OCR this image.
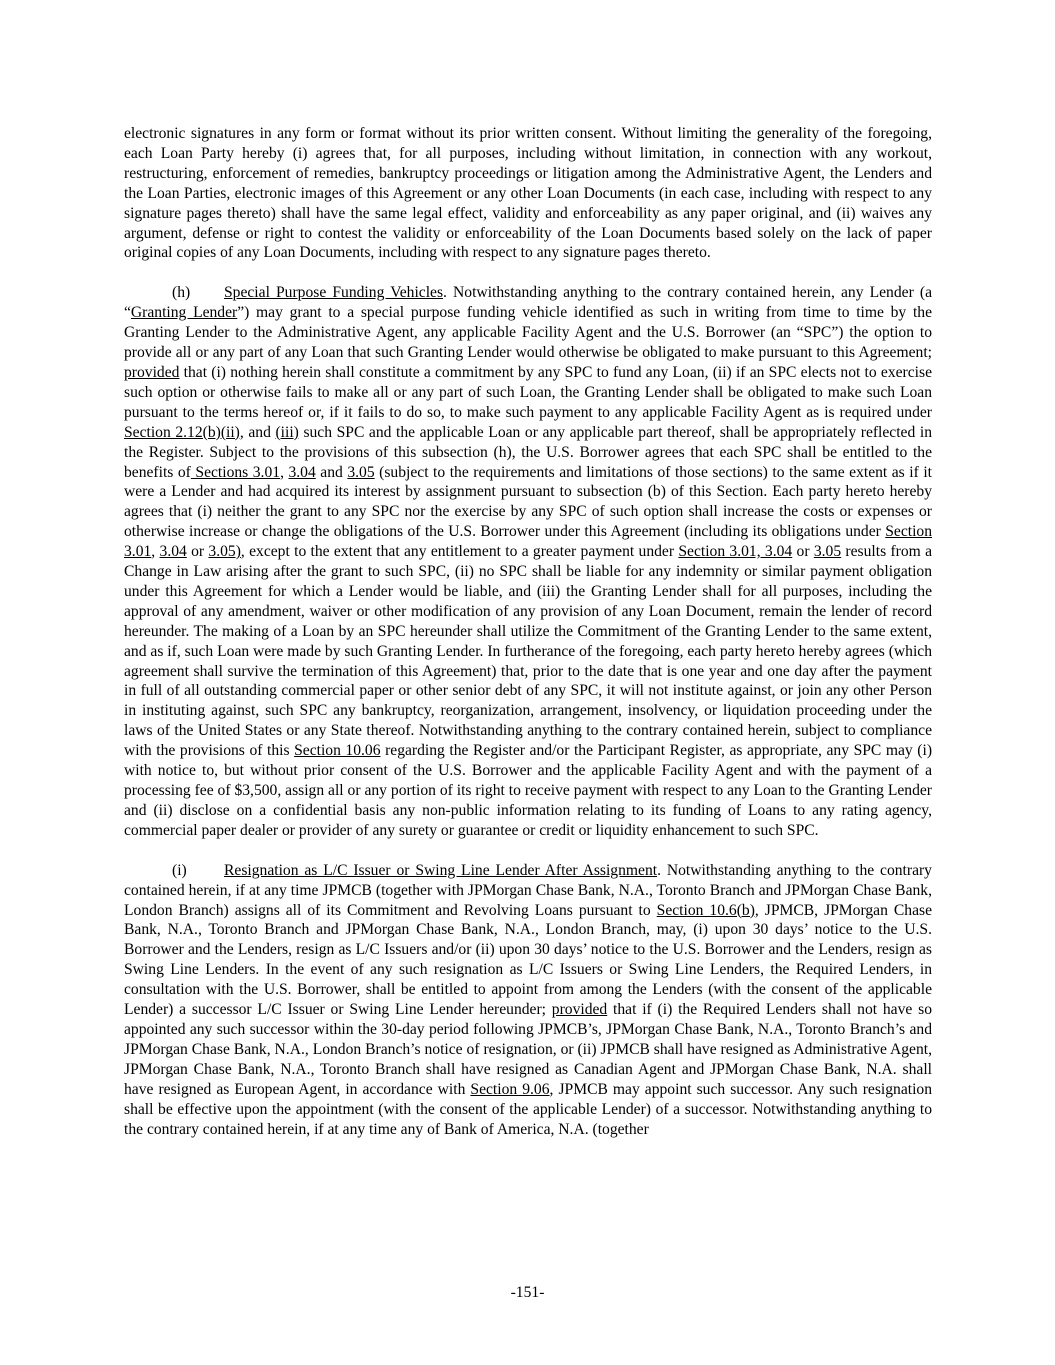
electronic signatures in any form or format without its prior written consent. Without limiting the generality of the foregoing, each Loan Party hereby (i) agrees that, for all purposes, including without limitation, in connection with any workout, restructuring, enforcement of remedies, bankruptcy proceedings or litigation among the Administrative Agent, the Lenders and the Loan Parties, electronic images of this Agreement or any other Loan Documents (in each case, including with respect to any signature pages thereto) shall have the same legal effect, validity and enforceability as any paper original, and (ii) waives any argument, defense or right to contest the validity or enforceability of the Loan Documents based solely on the lack of paper original copies of any Loan Documents, including with respect to any signature pages thereto.

(h) Special Purpose Funding Vehicles. Notwithstanding anything to the contrary contained herein, any Lender (a “Granting Lender”) may grant to a special purpose funding vehicle identified as such in writing from time to time by the Granting Lender to the Administrative Agent, any applicable Facility Agent and the U.S. Borrower (an “SPC”) the option to provide all or any part of any Loan that such Granting Lender would otherwise be obligated to make pursuant to this Agreement; provided that (i) nothing herein shall constitute a commitment by any SPC to fund any Loan, (ii) if an SPC elects not to exercise such option or otherwise fails to make all or any part of such Loan, the Granting Lender shall be obligated to make such Loan pursuant to the terms hereof or, if it fails to do so, to make such payment to any applicable Facility Agent as is required under Section 2.12(b)(ii), and (iii) such SPC and the applicable Loan or any applicable part thereof, shall be appropriately reflected in the Register. Subject to the provisions of this subsection (h), the U.S. Borrower agrees that each SPC shall be entitled to the benefits of Sections 3.01, 3.04 and 3.05 (subject to the requirements and limitations of those sections) to the same extent as if it were a Lender and had acquired its interest by assignment pursuant to subsection (b) of this Section. Each party hereto hereby agrees that (i) neither the grant to any SPC nor the exercise by any SPC of such option shall increase the costs or expenses or otherwise increase or change the obligations of the U.S. Borrower under this Agreement (including its obligations under Section 3.01, 3.04 or 3.05), except to the extent that any entitlement to a greater payment under Section 3.01, 3.04 or 3.05 results from a Change in Law arising after the grant to such SPC, (ii) no SPC shall be liable for any indemnity or similar payment obligation under this Agreement for which a Lender would be liable, and (iii) the Granting Lender shall for all purposes, including the approval of any amendment, waiver or other modification of any provision of any Loan Document, remain the lender of record hereunder. The making of a Loan by an SPC hereunder shall utilize the Commitment of the Granting Lender to the same extent, and as if, such Loan were made by such Granting Lender. In furtherance of the foregoing, each party hereto hereby agrees (which agreement shall survive the termination of this Agreement) that, prior to the date that is one year and one day after the payment in full of all outstanding commercial paper or other senior debt of any SPC, it will not institute against, or join any other Person in instituting against, such SPC any bankruptcy, reorganization, arrangement, insolvency, or liquidation proceeding under the laws of the United States or any State thereof. Notwithstanding anything to the contrary contained herein, subject to compliance with the provisions of this Section 10.06 regarding the Register and/or the Participant Register, as appropriate, any SPC may (i) with notice to, but without prior consent of the U.S. Borrower and the applicable Facility Agent and with the payment of a processing fee of $3,500, assign all or any portion of its right to receive payment with respect to any Loan to the Granting Lender and (ii) disclose on a confidential basis any non-public information relating to its funding of Loans to any rating agency, commercial paper dealer or provider of any surety or guarantee or credit or liquidity enhancement to such SPC.

(i) Resignation as L/C Issuer or Swing Line Lender After Assignment. Notwithstanding anything to the contrary contained herein, if at any time JPMCB (together with JPMorgan Chase Bank, N.A., Toronto Branch and JPMorgan Chase Bank, London Branch) assigns all of its Commitment and Revolving Loans pursuant to Section 10.6(b), JPMCB, JPMorgan Chase Bank, N.A., Toronto Branch and JPMorgan Chase Bank, N.A., London Branch, may, (i) upon 30 days’ notice to the U.S. Borrower and the Lenders, resign as L/C Issuers and/or (ii) upon 30 days’ notice to the U.S. Borrower and the Lenders, resign as Swing Line Lenders. In the event of any such resignation as L/C Issuers or Swing Line Lenders, the Required Lenders, in consultation with the U.S. Borrower, shall be entitled to appoint from among the Lenders (with the consent of the applicable Lender) a successor L/C Issuer or Swing Line Lender hereunder; provided that if (i) the Required Lenders shall not have so appointed any such successor within the 30-day period following JPMCB’s, JPMorgan Chase Bank, N.A., Toronto Branch’s and JPMorgan Chase Bank, N.A., London Branch’s notice of resignation, or (ii) JPMCB shall have resigned as Administrative Agent, JPMorgan Chase Bank, N.A., Toronto Branch shall have resigned as Canadian Agent and JPMorgan Chase Bank, N.A. shall have resigned as European Agent, in accordance with Section 9.06, JPMCB may appoint such successor. Any such resignation shall be effective upon the appointment (with the consent of the applicable Lender) of a successor. Notwithstanding anything to the contrary contained herein, if at any time any of Bank of America, N.A. (together

-151-
